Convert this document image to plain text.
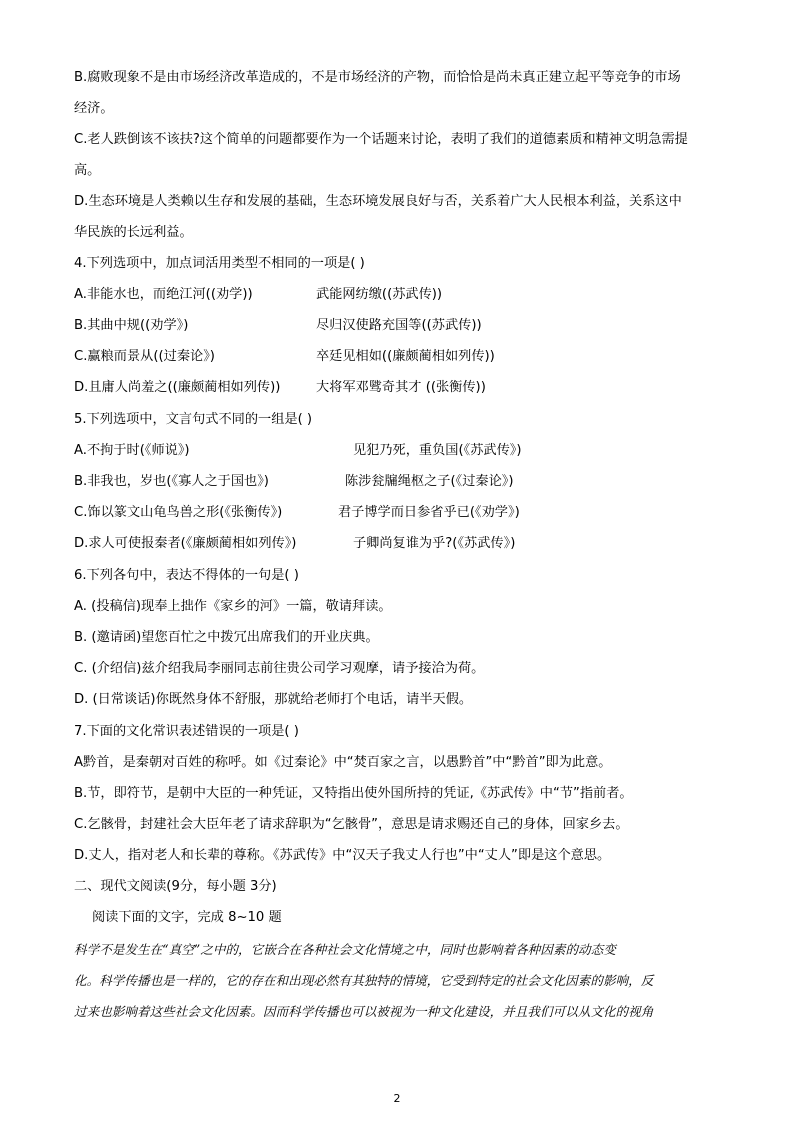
B.腐败现象不是由市场经济改革造成的，不是市场经济的产物，而恰恰是尚未真正建立起平等竞争的市场
经济。
C.老人跌倒该不该扶?这个简单的问题都要作为一个话题来讨论，表明了我们的道德素质和精神文明急需提
高。
D.生态环境是人类赖以生存和发展的基础，生态环境发展良好与否，关系着广大人民根本利益，关系这中
华民族的长远利益。
4.下列选项中，加点词活用类型不相同的一项是( )
A.非能水也，而绝江河((劝学))	武能网纺缴((苏武传))
B.其曲中规((劝学》)	尽归汉使路充国等((苏武传))
C.赢粮而景从((过秦论》)	卒廷见相如((廉颇蔺相如列传))
D.且庸人尚羞之((廉颇蔺相如列传))	大将军邓骘奇其才 ((张衡传))
5.下列选项中，文言句式不同的一组是( )
A.不拘于时(《师说》)	见犯乃死，重负国(《苏武传》)
B.非我也，岁也(《寡人之于国也》)	陈涉瓮牖绳枢之子(《过秦论》)
C.饰以篆文山龟鸟兽之形(《张衡传》)	君子博学而日参省乎已(《劝学》)
D.求人可使报秦者(《廉颇蔺相如列传》)	子卿尚复谁为乎?(《苏武传》)
6.下列各句中，表达不得体的一句是( )
A. (投稿信)现奉上拙作《家乡的河》一篇，敬请拜读。
B. (邀请函)望您百忙之中拨冗出席我们的开业庆典。
C. (介绍信)兹介绍我局李丽同志前往贵公司学习观摩，请予接洽为荷。
D. (日常谈话)你既然身体不舒服，那就给老师打个电话，请半天假。
7.下面的文化常识表述错误的一项是( )
A黔首，是秦朝对百姓的称呼。如《过秦论》中“焚百家之言，以愚黔首”中“黔首”即为此意。
B.节，即符节，是朝中大臣的一种凭证，又特指出使外国所持的凭证,《苏武传》中“节”指前者。
C.乞骸骨，封建社会大臣年老了请求辞职为“乞骸骨”，意思是请求赐还自己的身体，回家乡去。
D.丈人，指对老人和长辈的尊称。《苏武传》中“汉天子我丈人行也”中“丈人”即是这个意思。
二、现代文阅读(9分，每小题 3分)
阅读下面的文字，完成 8~10 题
科学不是发生在“真空”之中的，它嵌合在各种社会文化情境之中，同时也影响着各种因素的动态变
化。科学传播也是一样的，它的存在和出现必然有其独特的情境，它受到特定的社会文化因素的影响，反
过来也影响着这些社会文化因素。因而科学传播也可以被视为一种文化建设，并且我们可以从文化的视角
2
